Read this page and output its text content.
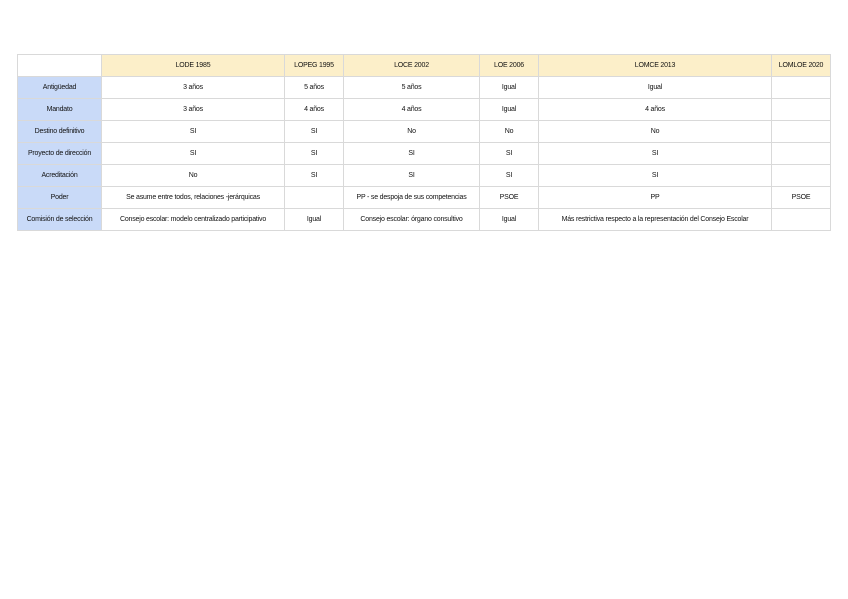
	LODE 1985	LOPEG 1995	LOCE 2002	LOE 2006	LOMCE 2013	LOMLOE 2020
Antigüedad	3 años	5 años	5 años	Igual	Igual	
Mandato	3 años	4 años	4 años	Igual	4 años	
Destino definitivo	SI	SI	No	No	No	
Proyecto de dirección	SI	SI	SI	SI	SI	
Acreditación	No	SI	SI	SI	SI	
Poder	Se asume entre todos, relaciones -jerárquicas		PP - se despoja de sus competencias	PSOE	PP	PSOE
Comisión de selección	Consejo escolar: modelo centralizado participativo	Igual	Consejo escolar: órgano consultivo	Igual	Más restrictiva respecto a la representación del Consejo Escolar	
